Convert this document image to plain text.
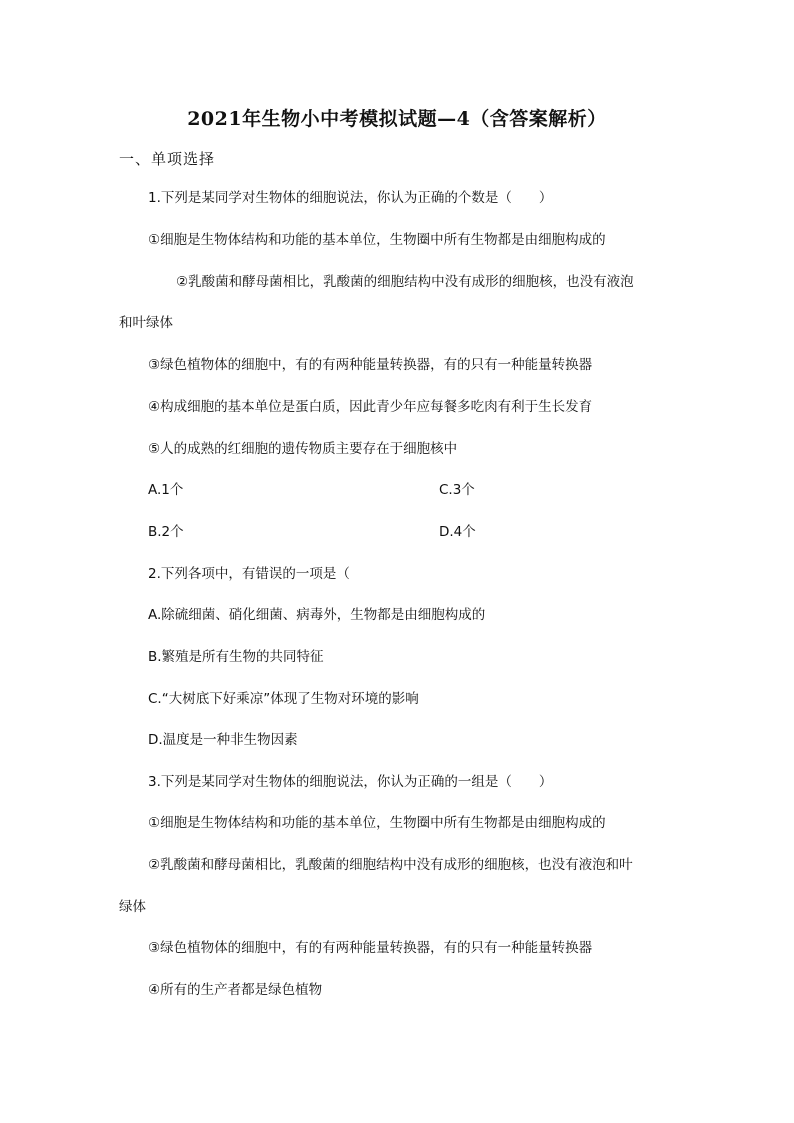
2021年生物小中考模拟试题—4（含答案解析）
一、单项选择
1.下列是某同学对生物体的细胞说法，你认为正确的个数是（　　）
①细胞是生物体结构和功能的基本单位，生物圈中所有生物都是由细胞构成的
②乳酸菌和酵母菌相比，乳酸菌的细胞结构中没有成形的细胞核，也没有液泡
和叶绿体
③绿色植物体的细胞中，有的有两种能量转换器，有的只有一种能量转换器
④构成细胞的基本单位是蛋白质，因此青少年应每餐多吃肉有利于生长发育
⑤人的成熟的红细胞的遗传物质主要存在于细胞核中
A.1个	C.3个
B.2个	D.4个
2.下列各项中，有错误的一项是（
A.除硫细菌、硝化细菌、病毒外，生物都是由细胞构成的
B.繁殖是所有生物的共同特征
C.“大树底下好乘凉”体现了生物对环境的影响
D.温度是一种非生物因素
3.下列是某同学对生物体的细胞说法，你认为正确的一组是（　　）
①细胞是生物体结构和功能的基本单位，生物圈中所有生物都是由细胞构成的
②乳酸菌和酵母菌相比，乳酸菌的细胞结构中没有成形的细胞核，也没有液泡和叶
绿体
③绿色植物体的细胞中，有的有两种能量转换器，有的只有一种能量转换器
④所有的生产者都是绿色植物
